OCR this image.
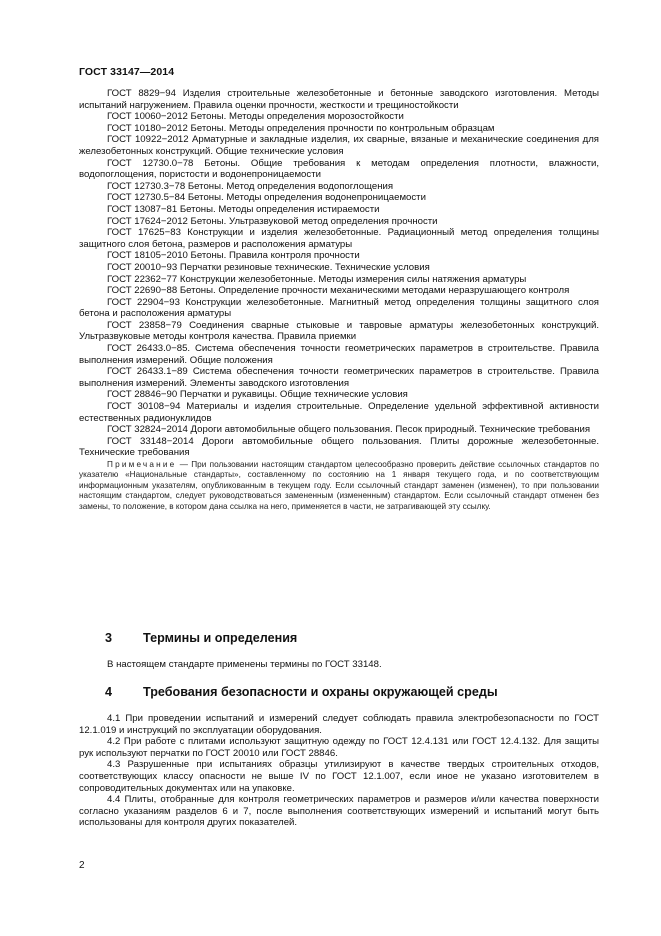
ГОСТ 33147—2014

ГОСТ 8829−94 Изделия строительные железобетонные и бетонные заводского изготовления. Методы испытаний нагружением. Правила оценки прочности, жесткости и трещиностойкости

ГОСТ 10060−2012 Бетоны. Методы определения морозостойкости

ГОСТ 10180−2012 Бетоны. Методы определения прочности по контрольным образцам

ГОСТ 10922−2012 Арматурные и закладные изделия, их сварные, вязаные и механические соединения для железобетонных конструкций. Общие технические условия

ГОСТ 12730.0−78 Бетоны. Общие требования к методам определения плотности, влажности, водопоглощения, пористости и водонепроницаемости

ГОСТ 12730.3−78 Бетоны. Метод определения водопоглощения

ГОСТ 12730.5−84 Бетоны. Методы определения водонепроницаемости

ГОСТ 13087−81 Бетоны. Методы определения истираемости

ГОСТ 17624−2012 Бетоны. Ультразвуковой метод определения прочности

ГОСТ 17625−83 Конструкции и изделия железобетонные. Радиационный метод определения толщины защитного слоя бетона, размеров и расположения арматуры

ГОСТ 18105−2010 Бетоны. Правила контроля прочности

ГОСТ 20010−93 Перчатки резиновые технические. Технические условия

ГОСТ 22362−77 Конструкции железобетонные. Методы измерения силы натяжения арматуры

ГОСТ 22690−88 Бетоны. Определение прочности механическими методами неразрушающего контроля

ГОСТ 22904−93 Конструкции железобетонные. Магнитный метод определения толщины защитного слоя бетона и расположения арматуры

ГОСТ 23858−79 Соединения сварные стыковые и тавровые арматуры железобетонных конструкций. Ультразвуковые методы контроля качества. Правила приемки

ГОСТ 26433.0−85. Система обеспечения точности геометрических параметров в строительстве. Правила выполнения измерений. Общие положения

ГОСТ 26433.1−89 Система обеспечения точности геометрических параметров в строительстве. Правила выполнения измерений. Элементы заводского изготовления

ГОСТ 28846−90 Перчатки и рукавицы. Общие технические условия

ГОСТ 30108−94 Материалы и изделия строительные. Определение удельной эффективной активности естественных радионуклидов

ГОСТ 32824−2014 Дороги автомобильные общего пользования. Песок природный. Технические требования

ГОСТ 33148−2014 Дороги автомобильные общего пользования. Плиты дорожные железобетонные. Технические требования

Примечание — При пользовании настоящим стандартом целесообразно проверить действие ссылочных стандартов по указателю «Национальные стандарты», составленному по состоянию на 1 января текущего года, и по соответствующим информационным указателям, опубликованным в текущем году. Если ссылочный стандарт заменен (изменен), то при пользовании настоящим стандартом, следует руководствоваться замененным (измененным) стандартом. Если ссылочный стандарт отменен без замены, то положение, в котором дана ссылка на него, применяется в части, не затрагивающей эту ссылку.

3 Термины и определения

В настоящем стандарте применены термины по ГОСТ 33148.

4 Требования безопасности и охраны окружающей среды

4.1 При проведении испытаний и измерений следует соблюдать правила электробезопасности по ГОСТ 12.1.019 и инструкций по эксплуатации оборудования.

4.2 При работе с плитами используют защитную одежду по ГОСТ 12.4.131 или ГОСТ 12.4.132. Для защиты рук используют перчатки по ГОСТ 20010 или ГОСТ 28846.

4.3 Разрушенные при испытаниях образцы утилизируют в качестве твердых строительных отходов, соответствующих классу опасности не выше IV по ГОСТ 12.1.007, если иное не указано изготовителем в сопроводительных документах или на упаковке.

4.4 Плиты, отобранные для контроля геометрических параметров и размеров и/или качества поверхности согласно указаниям разделов 6 и 7, после выполнения соответствующих измерений и испытаний могут быть использованы для контроля других показателей.

2
